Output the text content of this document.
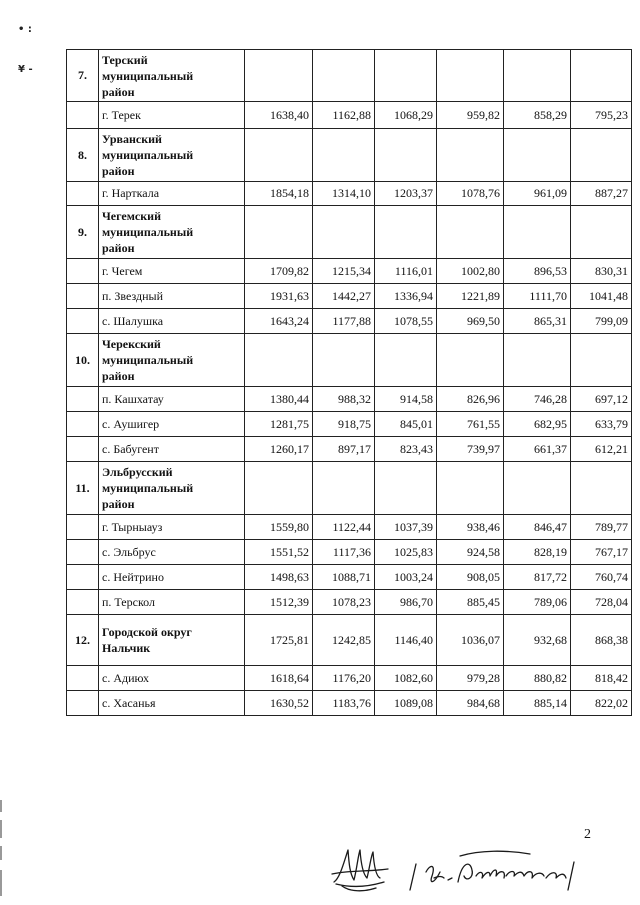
• :
¥ -	7.	Терский
муниципальный
район						

	г. Терек	1638,40	1162,88	1068,29	959,82	858,29	795,23
8.	Урванский
муниципальный
район						

	г. Нарткала	1854,18	1314,10	1203,37	1078,76	961,09	887,27
9.	Чегемский
муниципальный
район						

	г. Чегем	1709,82	1215,34	1116,01	1002,80	896,53	830,31
	п. Звездный	1931,63	1442,27	1336,94	1221,89	1111,70	1041,48
	с. Шалушка	1643,24	1177,88	1078,55	969,50	865,31	799,09
10.	Черекский
муниципальный
район						

	п. Кашхатау	1380,44	988,32	914,58	826,96	746,28	697,12
	с. Аушигер	1281,75	918,75	845,01	761,55	682,95	633,79
	с. Бабугент	1260,17	897,17	823,43	739,97	661,37	612,21
11.	Эльбрусский
муниципальный
район						

	г. Тырныауз	1559,80	1122,44	1037,39	938,46	846,47	789,77
	с. Эльбрус	1551,52	1117,36	1025,83	924,58	828,19	767,17
	с. Нейтрино	1498,63	1088,71	1003,24	908,05	817,72	760,74
	п. Терскол	1512,39	1078,23	986,70	885,45	789,06	728,04
12.	Городской округ
Нальчик	1725,81	1242,85	1146,40	1036,07	932,68	868,38
	с. Адиюх	1618,64	1176,20	1082,60	979,28	880,82	818,42
	с. Хасанья	1630,52	1183,76	1089,08	984,68	885,14	822,02
2
